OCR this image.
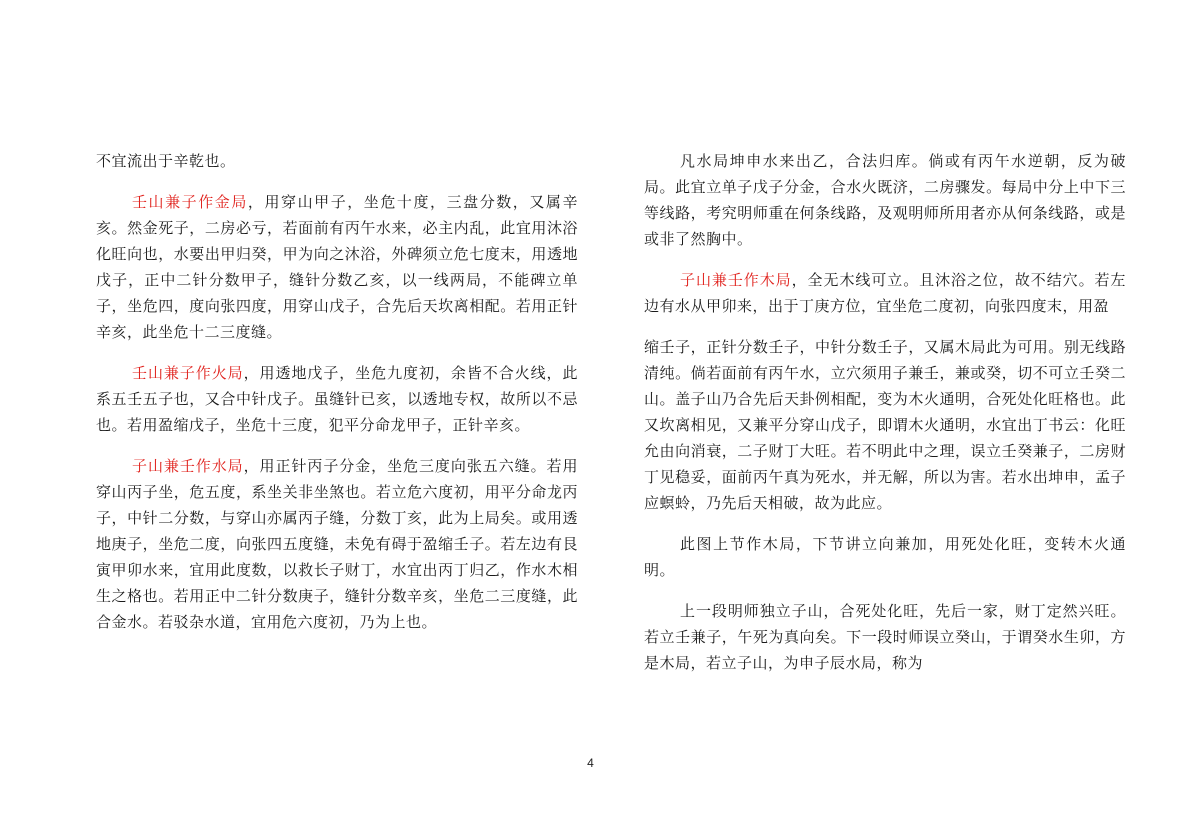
不宜流出于辛乾也。

壬山兼子作金局，用穿山甲子，坐危十度，三盘分数，又属辛亥。然金死子，二房必亏，若面前有丙午水来，必主内乱，此宜用沐浴化旺向也，水要出甲归癸，甲为向之沐浴，外碑须立危七度末，用透地戊子，正中二针分数甲子，缝针分数乙亥，以一线两局，不能碑立单子，坐危四，度向张四度，用穿山戊子，合先后天坎离相配。若用正针辛亥，此坐危十二三度缝。

壬山兼子作火局，用透地戊子，坐危九度初，余皆不合火线，此系五壬五子也，又合中针戊子。虽缝针已亥，以透地专权，故所以不忌也。若用盈缩戊子，坐危十三度，犯平分命龙甲子，正针辛亥。

子山兼壬作水局，用正针丙子分金，坐危三度向张五六缝。若用穿山丙子坐，危五度，系坐关非坐煞也。若立危六度初，用平分命龙丙子，中针二分数，与穿山亦属丙子缝，分数丁亥，此为上局矣。或用透地庚子，坐危二度，向张四五度缝，未免有碍于盈缩壬子。若左边有艮寅甲卯水来，宜用此度数，以救长子财丁，水宜出丙丁归乙，作水木相生之格也。若用正中二针分数庚子，缝针分数辛亥，坐危二三度缝，此合金水。若驳杂水道，宜用危六度初，乃为上也。

凡水局坤申水来出乙，合法归库。倘或有丙午水逆朝，反为破局。此宜立单子戊子分金，合水火既济，二房骤发。每局中分上中下三等线路，考究明师重在何条线路，及观明师所用者亦从何条线路，或是或非了然胸中。

子山兼壬作木局，全无木线可立。且沐浴之位，故不结穴。若左边有水从甲卯来，出于丁庚方位，宜坐危二度初，向张四度末，用盈

缩壬子，正针分数壬子，中针分数壬子，又属木局此为可用。别无线路清纯。倘若面前有丙午水，立穴须用子兼壬，兼或癸，切不可立壬癸二山。盖子山乃合先后天卦例相配，变为木火通明，合死处化旺格也。此又坎离相见，又兼平分穿山戊子，即谓木火通明，水宜出丁书云：化旺允由向消衰，二子财丁大旺。若不明此中之理，误立壬癸兼子，二房财丁见稳妥，面前丙午真为死水，并无解，所以为害。若水出坤申，孟子应螟蛉，乃先后天相破，故为此应。

此图上节作木局，下节讲立向兼加，用死处化旺，变转木火通明。

上一段明师独立子山，合死处化旺，先后一家，财丁定然兴旺。若立壬兼子，午死为真向矣。下一段时师误立癸山，于谓癸水生卯，方是木局，若立子山，为申子辰水局，称为

4
